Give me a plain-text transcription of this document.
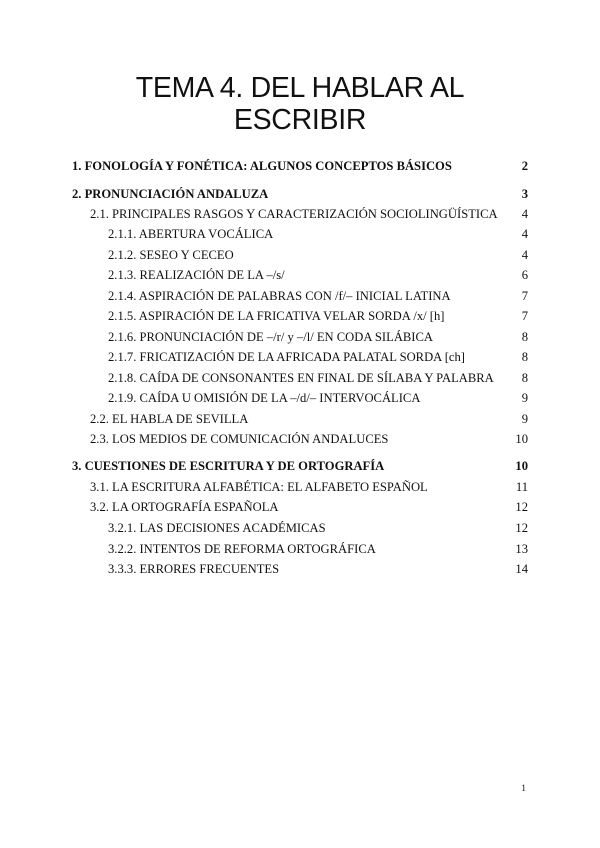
TEMA 4. DEL HABLAR AL
ESCRIBIR
1. FONOLOGÍA Y FONÉTICA: ALGUNOS CONCEPTOS BÁSICOS	2
2. PRONUNCIACIÓN ANDALUZA	3
2.1. PRINCIPALES RASGOS Y CARACTERIZACIÓN SOCIOLINGÜÍSTICA 4
2.1.1. ABERTURA VOCÁLICA	4
2.1.2. SESEO Y CECEO	4
2.1.3. REALIZACIÓN DE LA –/s/	6
2.1.4. ASPIRACIÓN DE PALABRAS CON /f/– INICIAL LATINA	7
2.1.5. ASPIRACIÓN DE LA FRICATIVA VELAR SORDA /x/ [h]	7
2.1.6. PRONUNCIACIÓN DE –/r/ y –/l/ EN CODA SILÁBICA	8
2.1.7. FRICATIZACIÓN DE LA AFRICADA PALATAL SORDA [ch]	8
2.1.8. CAÍDA DE CONSONANTES EN FINAL DE SÍLABA Y PALABRA 8
2.1.9. CAÍDA U OMISIÓN DE LA –/d/– INTERVOCÁLICA	9
2.2. EL HABLA DE SEVILLA	9
2.3. LOS MEDIOS DE COMUNICACIÓN ANDALUCES	10
3. CUESTIONES DE ESCRITURA Y DE ORTOGRAFÍA	10
3.1. LA ESCRITURA ALFABÉTICA: EL ALFABETO ESPAÑOL	11
3.2. LA ORTOGRAFÍA ESPAÑOLA	12
3.2.1. LAS DECISIONES ACADÉMICAS	12
3.2.2. INTENTOS DE REFORMA ORTOGRÁFICA	13
3.3.3. ERRORES FRECUENTES	14
1
